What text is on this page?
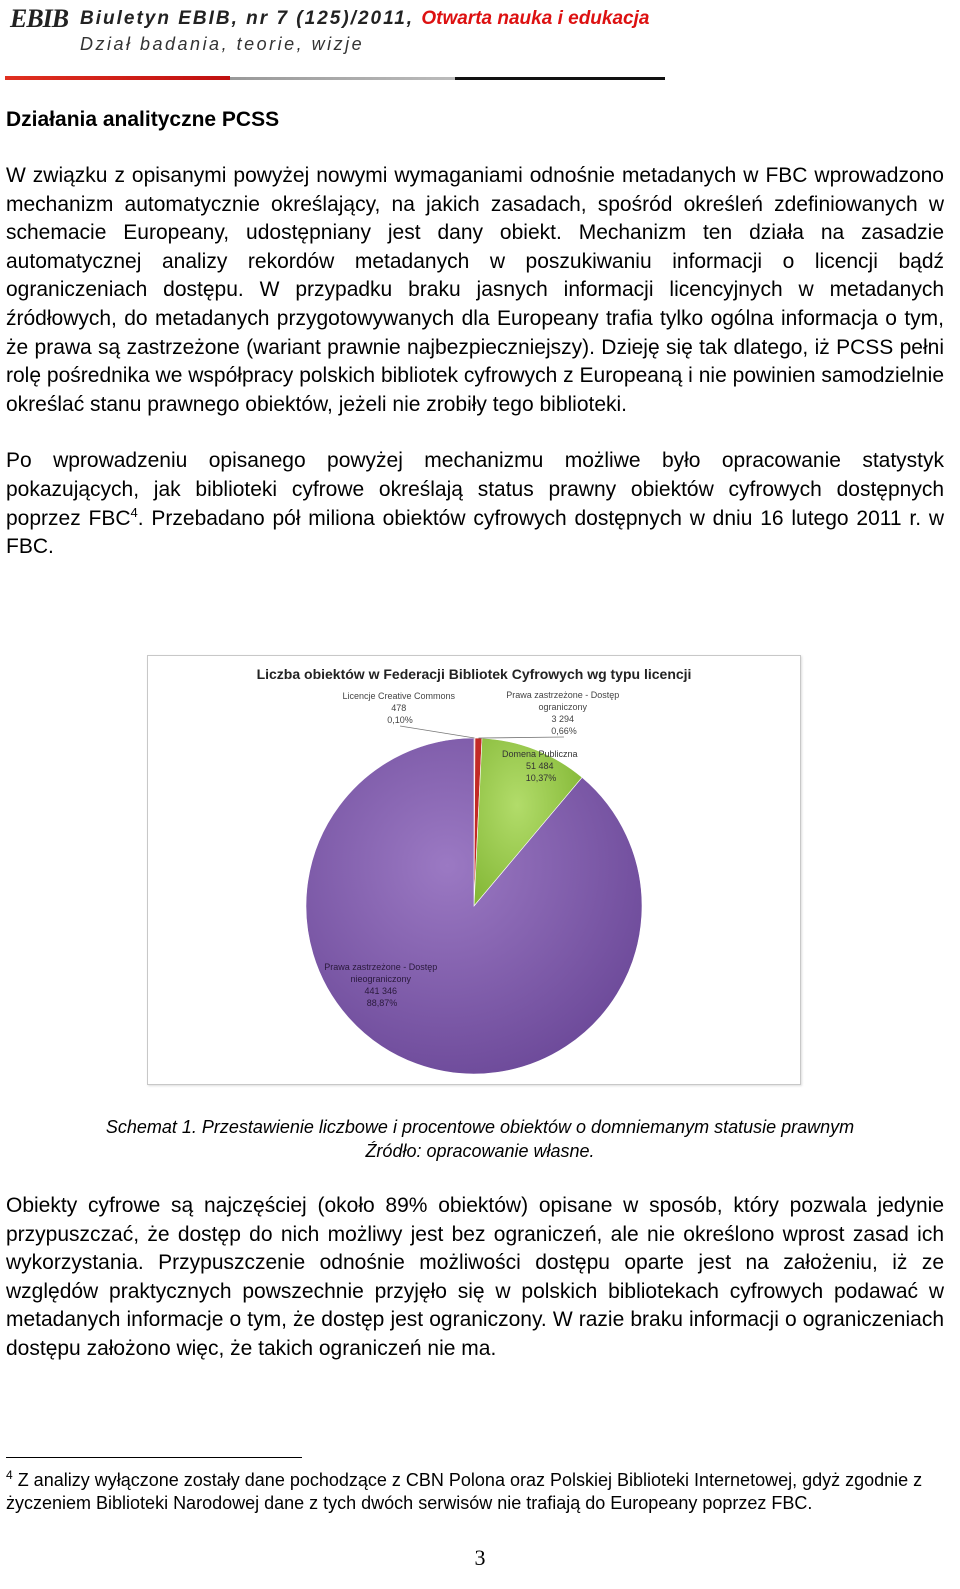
EBIB Biuletyn EBIB, nr 7 (125)/2011, Otwarta nauka i edukacja
Dział badania, teorie, wizje
Działania analityczne PCSS

W związku z opisanymi powyżej nowymi wymaganiami odnośnie metadanych w FBC wprowadzono mechanizm automatycznie określający, na jakich zasadach, spośród określeń zdefiniowanych w schemacie Europeany, udostępniany jest dany obiekt. Mechanizm ten działa na zasadzie automatycznej analizy rekordów metadanych w poszukiwaniu informacji o licencji bądź ograniczeniach dostępu. W przypadku braku jasnych informacji licencyjnych w metadanych źródłowych, do metadanych przygotowywanych dla Europeany trafia tylko ogólna informacja o tym, że prawa są zastrzeżone (wariant prawnie najbezpieczniejszy). Dzieję się tak dlatego, iż PCSS pełni rolę pośrednika we współpracy polskich bibliotek cyfrowych z Europeaną i nie powinien samodzielnie określać stanu prawnego obiektów, jeżeli nie zrobiły tego biblioteki.

Po wprowadzeniu opisanego powyżej mechanizmu możliwe było opracowanie statystyk pokazujących, jak biblioteki cyfrowe określają status prawny obiektów cyfrowych dostępnych poprzez FBC$^4$. Przebadano pół miliona obiektów cyfrowych dostępnych w dniu 16 lutego 2011 r. w FBC.

Liczba obiektów w Federacji Bibliotek Cyfrowych wg typu licencji
Licencje Creative Commons 478 0,10%
Prawa zastrzeżone - Dostęp ograniczony 3 294 0,66%
Domena Publiczna 51 484 10,37%
Prawa zastrzeżone - Dostęp nieograniczony 441 346 88,87%
Schemat 1. Przestawienie liczbowe i procentowe obiektów o domniemanym statusie prawnym
Źródło: opracowanie własne.

Obiekty cyfrowe są najczęściej (około 89% obiektów) opisane w sposób, który pozwala jedynie przypuszczać, że dostęp do nich możliwy jest bez ograniczeń, ale nie określono wprost zasad ich wykorzystania. Przypuszczenie odnośnie możliwości dostępu oparte jest na założeniu, iż ze względów praktycznych powszechnie przyjęło się w polskich bibliotekach cyfrowych podawać w metadanych informacje o tym, że dostęp jest ograniczony. W razie braku informacji o ograniczeniach dostępu założono więc, że takich ograniczeń nie ma.

$^4$ Z analizy wyłączone zostały dane pochodzące z CBN Polona oraz Polskiej Biblioteki Internetowej, gdyż zgodnie z życzeniem Biblioteki Narodowej dane z tych dwóch serwisów nie trafiają do Europeany poprzez FBC.
3
